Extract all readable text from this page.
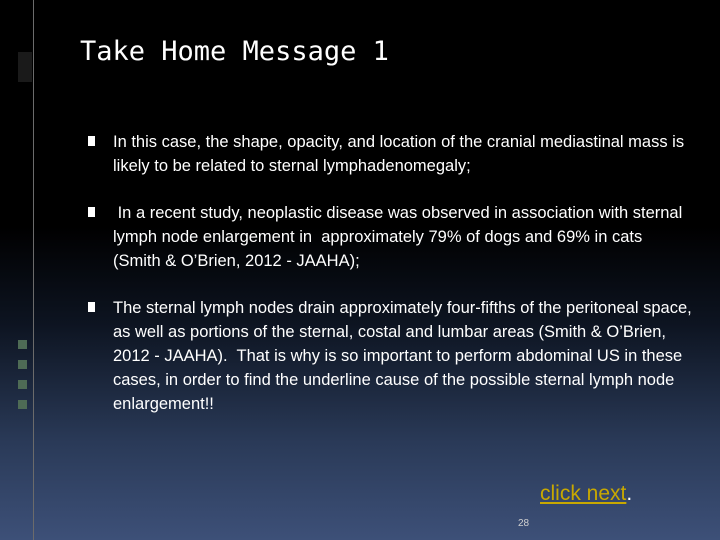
Take Home Message 1
In this case, the shape, opacity, and location of the cranial mediastinal mass is likely to be related to sternal lymphadenomegaly;
In a recent study, neoplastic disease was observed in association with sternal lymph node enlargement in  approximately 79% of dogs and 69% in cats (Smith & O’Brien, 2012 - JAAHA);
The sternal lymph nodes drain approximately four-fifths of the peritoneal space, as well as portions of the sternal, costal and lumbar areas (Smith & O’Brien, 2012 - JAAHA).  That is why is so important to perform abdominal US in these cases, in order to find the underline cause of the possible sternal lymph node enlargement!!

click next.

28
